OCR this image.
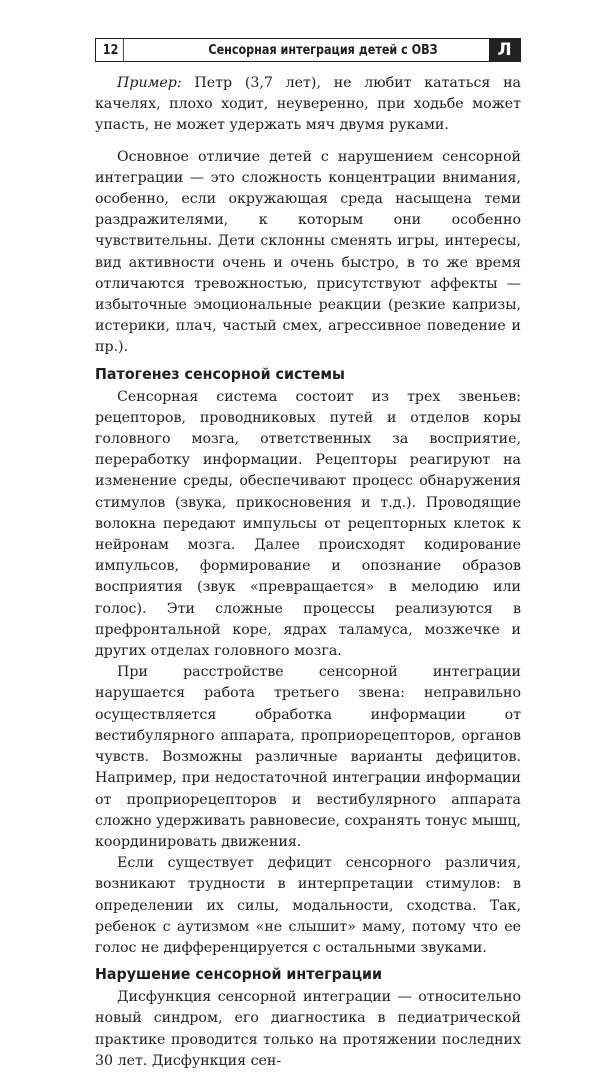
12	Сенсорная интеграция детей с ОВЗ	Л

Пример: Петр (3,7 лет), не любит кататься на качелях, плохо ходит, неуверенно, при ходьбе может упасть, не может удержать мяч двумя руками.

Основное отличие детей с нарушением сенсорной интеграции — это сложность концентрации внимания, особенно, если окружающая среда насыщена теми раздражителями, к которым они особенно чувствительны. Дети склонны сменять игры, интересы, вид активности очень и очень быстро, в то же время отличаются тревожностью, присутствуют аффекты — избыточные эмоциональные реакции (резкие капризы, истерики, плач, частый смех, агрессивное поведение и пр.).

Патогенез сенсорной системы

Сенсорная система состоит из трех звеньев: рецепторов, проводниковых путей и отделов коры головного мозга, ответственных за восприятие, переработку информации. Рецепторы реагируют на изменение среды, обеспечивают процесс обнаружения стимулов (звука, прикосновения и т.д.). Проводящие волокна передают импульсы от рецепторных клеток к нейронам мозга. Далее происходят кодирование импульсов, формирование и опознание образов восприятия (звук «превращается» в мелодию или голос). Эти сложные процессы реализуются в префронтальной коре, ядрах таламуса, мозжечке и других отделах головного мозга.

При расстройстве сенсорной интеграции нарушается работа третьего звена: неправильно осуществляется обработка информации от вестибулярного аппарата, проприорецепторов, органов чувств. Возможны различные варианты дефицитов. Например, при недостаточной интеграции информации от проприорецепторов и вестибулярного аппарата сложно удерживать равновесие, сохранять тонус мышц, координировать движения.

Если существует дефицит сенсорного различия, возникают трудности в интерпретации стимулов: в определении их силы, модальности, сходства. Так, ребенок с аутизмом «не слышит» маму, потому что ее голос не дифференцируется с остальными звуками.

Нарушение сенсорной интеграции

Дисфункция сенсорной интеграции — относительно новый синдром, его диагностика в педиатрической практике проводится только на протяжении последних 30 лет. Дисфункция сен-
